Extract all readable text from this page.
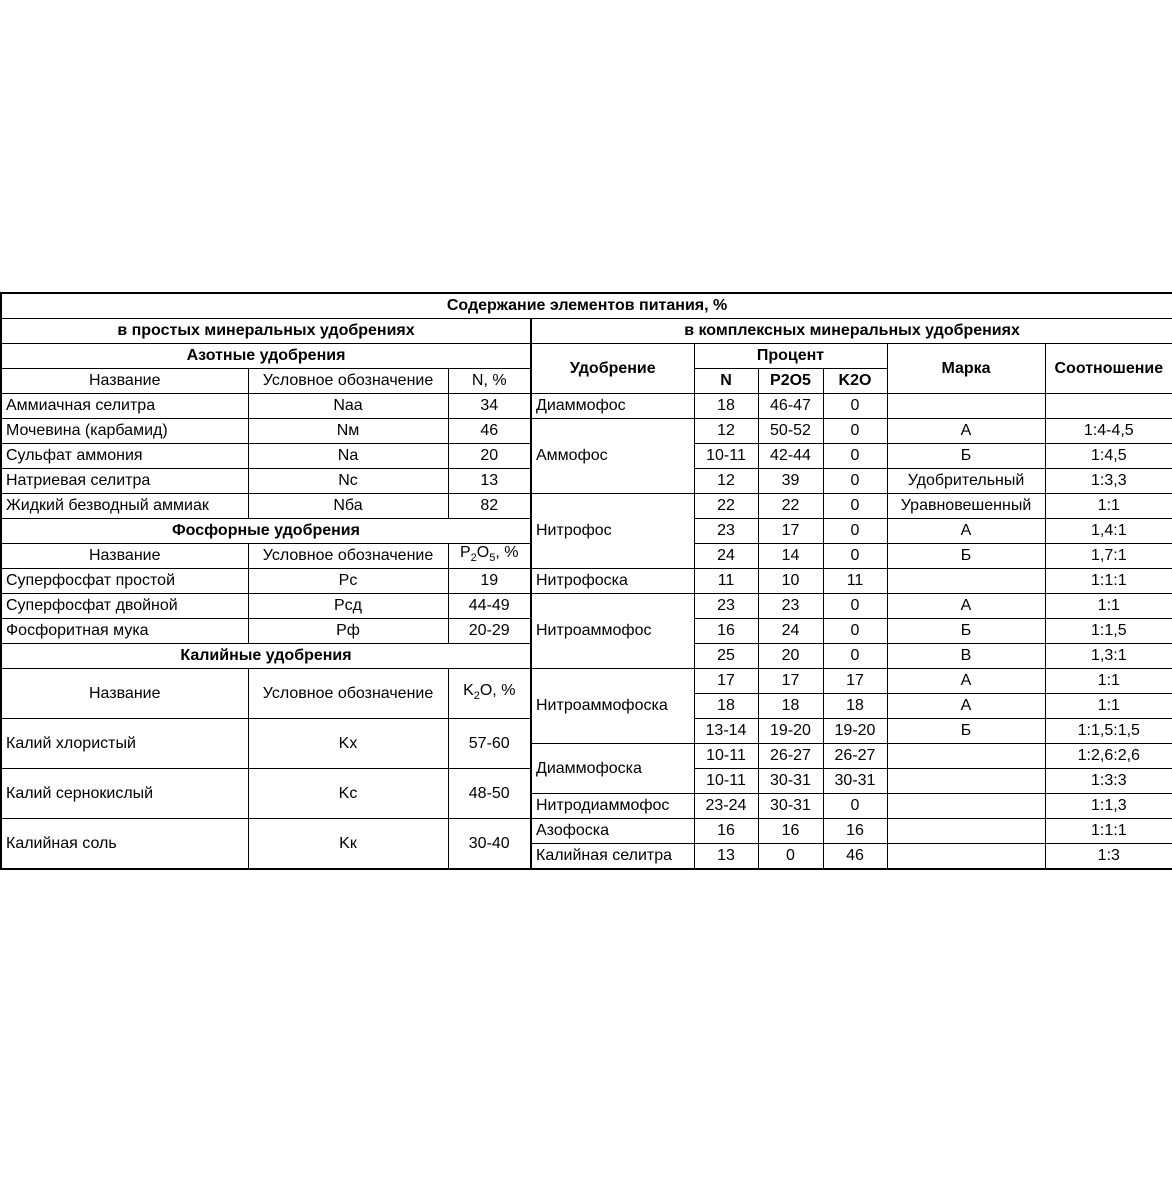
Содержание элементов питания, %								
в простых минеральных удобрениях			в комплексных минеральных удобрениях					
Азотные удобрения			Удобрение	Процент			Марка	Соотношение
Название	Условное обозначение	N, %		N	P2O5	K2O		
Аммиачная селитра	Naa	34	Диаммофос	18	46-47	0		
Мочевина (карбамид)	Nм	46	Аммофос	12	50-52	0	А	1:4-4,5
Сульфат аммония	Na	20		10-11	42-44	0	Б	1:4,5
Натриевая селитра	Nc	13		12	39	0	Удобрительный	1:3,3
Жидкий безводный аммиак	Nба	82	Нитрофос	22	22	0	Уравновешенный	1:1
Фосфорные удобрения				23	17	0	А	1,4:1
Название	Условное обозначение	$P_2O_5$, %		24	14	0	Б	1,7:1
Суперфосфат простой	Pc	19	Нитрофоска	11	10	11		1:1:1
Суперфосфат двойной	Pсд	44-49	Нитроаммофос	23	23	0	А	1:1
Фосфоритная мука	Pф	20-29		16	24	0	Б	1:1,5
Калийные удобрения				25	20	0	В	1,3:1
Название	Условное обозначение	$K_2O$, %	Нитроаммофоска	17	17	17	А	1:1
				18	18	18	А	1:1
Калий хлористый	Kx	57-60		13-14	19-20	19-20	Б	1:1,5:1,5
			Диаммофоска	10-11	26-27	26-27		1:2,6:2,6
Калий сернокислый	Kc	48-50		10-11	30-31	30-31		1:3:3
			Нитродиаммофос	23-24	30-31	0		1:1,3
Калийная соль	Kк	30-40	Азофоска	16	16	16		1:1:1
			Калийная селитра	13	0	46		1:3
